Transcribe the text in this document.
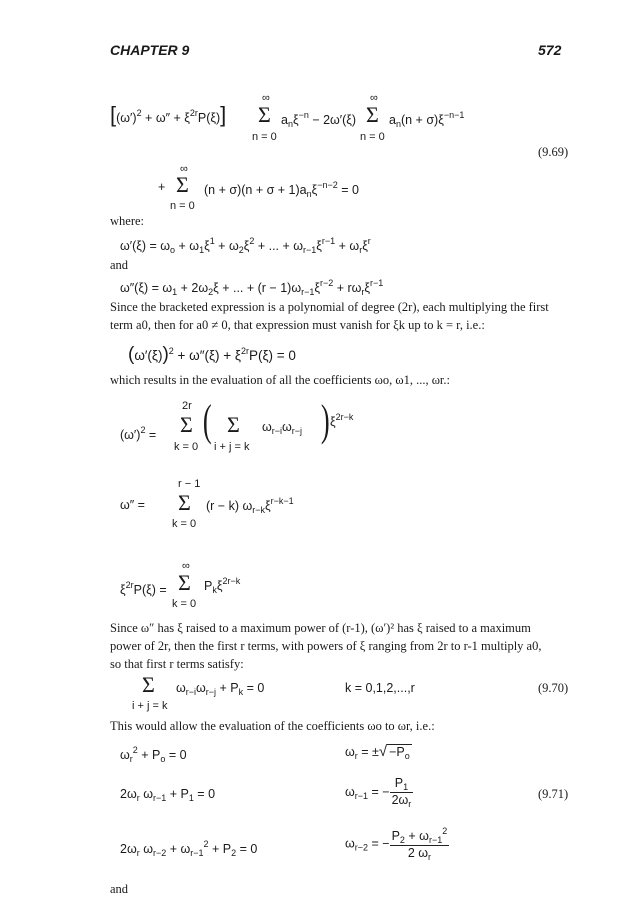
CHAPTER 9	572
$[(\omega')^2 + \omega'' + \xi^{2r}P(\xi)]$
∞
Σ
n = 0
$a_n\xi^{-n} - 2\omega'(\xi)$
∞
Σ
n = 0
$a_n(n + \sigma)\xi^{-n-1}$
∞
+ Σ
n = 0
$(n + \sigma)(n + \sigma + 1)a_n\xi^{-n-2} = 0$
(9.69)
where:
$\omega'(\xi) = \omega_o + \omega_1\xi^1 + \omega_2\xi^2$ + ... + $\omega_{r-1}\xi^{r-1} + \omega_r\xi^r$
and
$\omega''(\xi) = \omega_1 + 2\omega_2\xi$ + ... + $(r - 1)\omega_{r-1}\xi^{r-2} + r\omega_r\xi^{r-1}$
Since the bracketed expression is a polynomial of degree (2r), each multiplying the first
term a0, then for a0 ≠ 0, that expression must vanish for ξk up to k = r, i.e.:
$(\omega'(\xi))^2 + \omega''(\xi) + \xi^{2r}P(\xi) = 0$
which results in the evaluation of all the coefficients ωo, ω1, ..., ωr.:
$(\omega')^2$ =
2r
Σ
k = 0
( Σ
i + j = k
$\omega_{r-i}\omega_{r-j}$ ) $\xi^{2r-k}$
r − 1
ω″ = Σ
k = 0
(r − k) $\omega_{r-k}\xi^{r-k-1}$
∞
$\xi^{2r}P(\xi) = \Sigma$
k = 0
$P_k\xi^{2r-k}$
Since ω″ has ξ raised to a maximum power of (r-1), (ω′)² has ξ raised to a maximum
power of 2r, then the first r terms, with powers of ξ ranging from 2r to r-1 multiply a0,
so that first r terms satisfy:
Σ
i + j = k
$\omega_{r-i}\omega_{r-j} + P_k = 0$	k = 0,1,2,...,r	(9.70)
This would allow the evaluation of the coefficients ωo to ωr, i.e.:
$\omega_r^2 + P_o = 0$	$\omega_r$ = ±√ $-P_o$
$2\omega_r$ $\omega_{r-1} + P_1 = 0$	$\omega_{r-1}$ = − $\frac{P_1}{2\omega_r}$	(9.71)
$2\omega_r$ $\omega_{r-2} + \omega_{r-1}^2 + P_2 = 0$	$\omega_{r-2}$ = − $\frac{P_2 + \omega_{r-1}^2}{2 \omega_r}$
and
